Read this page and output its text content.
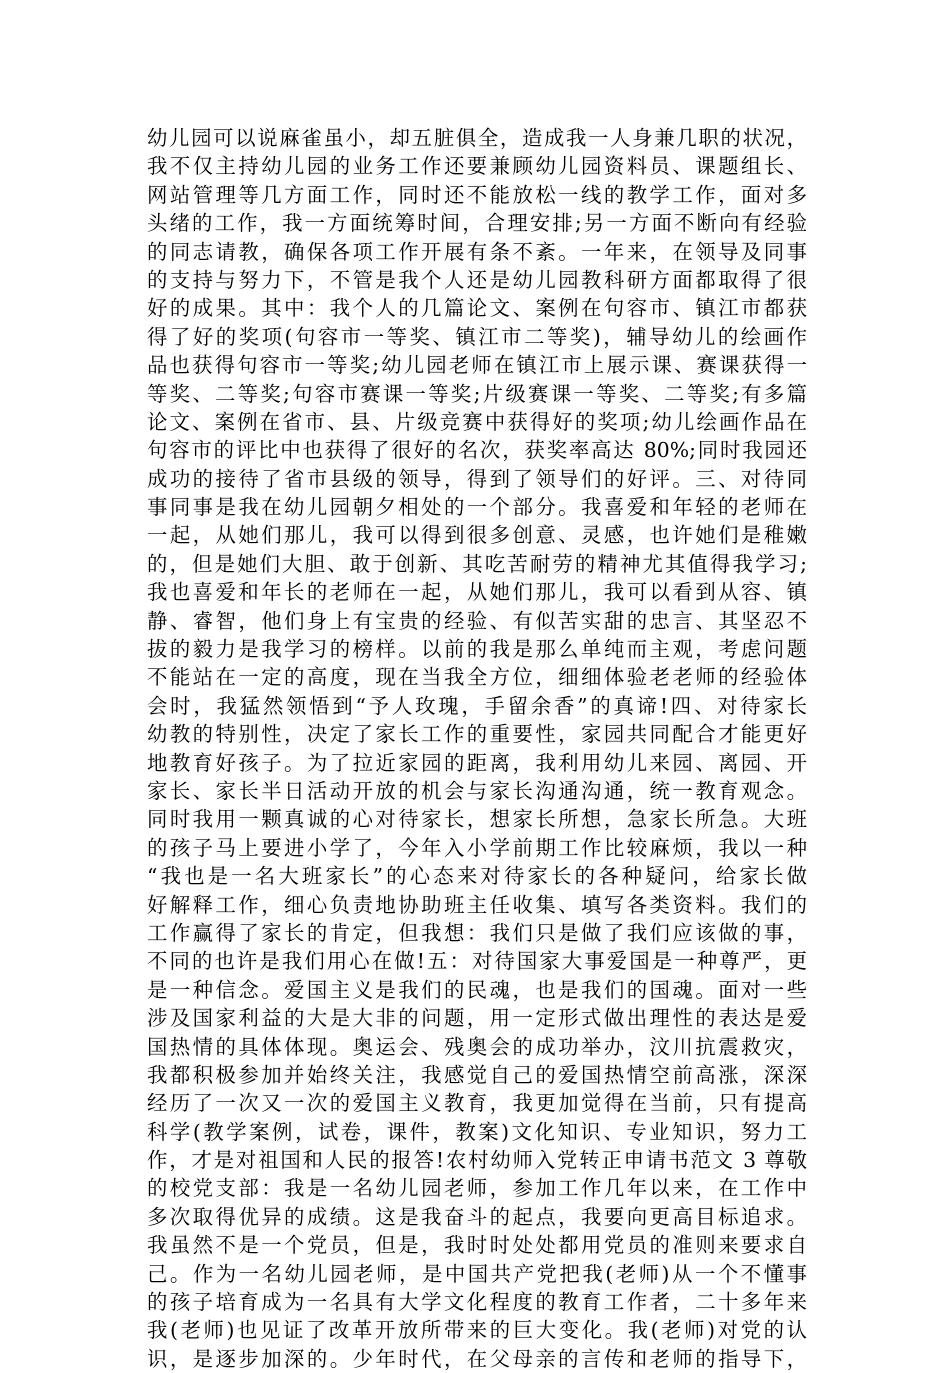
幼儿园可以说麻雀虽小，却五脏俱全，造成我一人身兼几职的状况，
我不仅主持幼儿园的业务工作还要兼顾幼儿园资料员、课题组长、
网站管理等几方面工作，同时还不能放松一线的教学工作，面对多
头绪的工作，我一方面统筹时间，合理安排;另一方面不断向有经验
的同志请教，确保各项工作开展有条不紊。一年来，在领导及同事
的支持与努力下，不管是我个人还是幼儿园教科研方面都取得了很
好的成果。其中：我个人的几篇论文、案例在句容市、镇江市都获
得了好的奖项(句容市一等奖、镇江市二等奖)，辅导幼儿的绘画作
品也获得句容市一等奖;幼儿园老师在镇江市上展示课、赛课获得一
等奖、二等奖;句容市赛课一等奖;片级赛课一等奖、二等奖;有多篇
论文、案例在省市、县、片级竞赛中获得好的奖项;幼儿绘画作品在
句容市的评比中也获得了很好的名次，获奖率高达 80%;同时我园还
成功的接待了省市县级的领导，得到了领导们的好评。三、对待同
事同事是我在幼儿园朝夕相处的一个部分。我喜爱和年轻的老师在
一起，从她们那儿，我可以得到很多创意、灵感，也许她们是稚嫩
的，但是她们大胆、敢于创新、其吃苦耐劳的精神尤其值得我学习;
我也喜爱和年长的老师在一起，从她们那儿，我可以看到从容、镇
静、睿智，他们身上有宝贵的经验、有似苦实甜的忠言、其坚忍不
拔的毅力是我学习的榜样。以前的我是那么单纯而主观，考虑问题
不能站在一定的高度，现在当我全方位，细细体验老老师的经验体
会时，我猛然领悟到“予人玫瑰，手留余香”的真谛!四、对待家长
幼教的特别性，决定了家长工作的重要性，家园共同配合才能更好
地教育好孩子。为了拉近家园的距离，我利用幼儿来园、离园、开
家长、家长半日活动开放的机会与家长沟通沟通，统一教育观念。
同时我用一颗真诚的心对待家长，想家长所想，急家长所急。大班
的孩子马上要进小学了，今年入小学前期工作比较麻烦，我以一种
“我也是一名大班家长”的心态来对待家长的各种疑问，给家长做
好解释工作，细心负责地协助班主任收集、填写各类资料。我们的
工作赢得了家长的肯定，但我想：我们只是做了我们应该做的事，
不同的也许是我们用心在做!五：对待国家大事爱国是一种尊严，更
是一种信念。爱国主义是我们的民魂，也是我们的国魂。面对一些
涉及国家利益的大是大非的问题，用一定形式做出理性的表达是爱
国热情的具体体现。奥运会、残奥会的成功举办，汶川抗震救灾，
我都积极参加并始终关注，我感觉自己的爱国热情空前高涨，深深
经历了一次又一次的爱国主义教育，我更加觉得在当前，只有提高
科学(教学案例，试卷，课件，教案)文化知识、专业知识，努力工
作，才是对祖国和人民的报答!农村幼师入党转正申请书范文 3 尊敬
的校党支部：我是一名幼儿园老师，参加工作几年以来，在工作中
多次取得优异的成绩。这是我奋斗的起点，我要向更高目标追求。
我虽然不是一个党员，但是，我时时处处都用党员的准则来要求自
己。作为一名幼儿园老师，是中国共产党把我(老师)从一个不懂事
的孩子培育成为一名具有大学文化程度的教育工作者，二十多年来
我(老师)也见证了改革开放所带来的巨大变化。我(老师)对党的认
识，是逐步加深的。少年时代，在父母亲的言传和老师的指导下，
